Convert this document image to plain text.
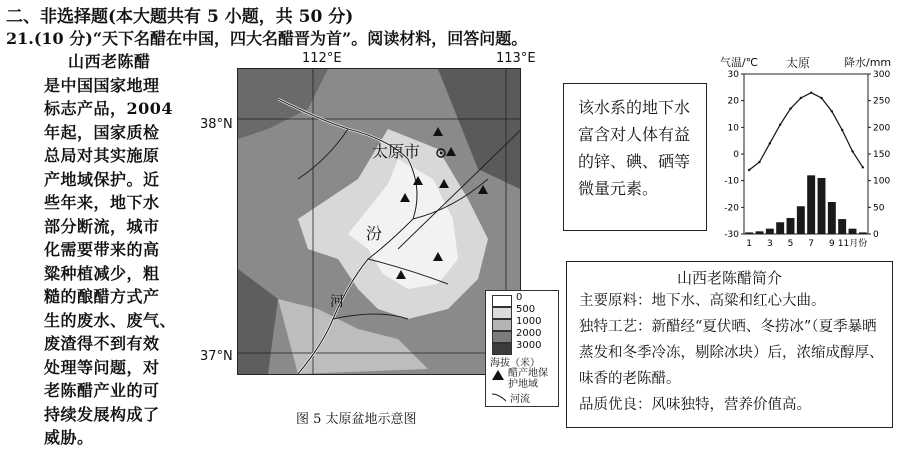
二、非选择题(本大题共有 5 小题，共 50 分)
21.(10 分)“天下名醋在中国，四大名醋晋为首”。阅读材料，回答问题。
山西老陈醋
是中国国家地理
标志产品，2004
年起，国家质检
总局对其实施原
产地域保护。近
些年来，地下水
部分断流，城市
化需要带来的高
粱种植减少，粗
糙的酿醋方式产
生的废水、废气、
废渣得不到有效
处理等问题，对
老陈醋产业的可
持续发展构成了
威胁。
112°E	113°E
38°N
37°N
太原市
汾
河	0
500
1000
2000
3000
海拔（米）
醋产地保护地域
河流
图 5 太原盆地示意图

该水系的地下水富含对人体有益的锌、碘、硒等微量元素。

气温/℃ 太原	降水/mm
30
20
10
0
-10
-20
-30
300
250
200
150
100
50
0
1 3 5 7 9 11月份
山西老陈醋简介
主要原料：地下水、高粱和红心大曲。
独特工艺：新醋经“夏伏晒、冬捞冰”（夏季暴晒蒸发和冬季冷冻，剔除冰块）后，浓缩成醇厚、味香的老陈醋。
品质优良：风味独特，营养价值高。
